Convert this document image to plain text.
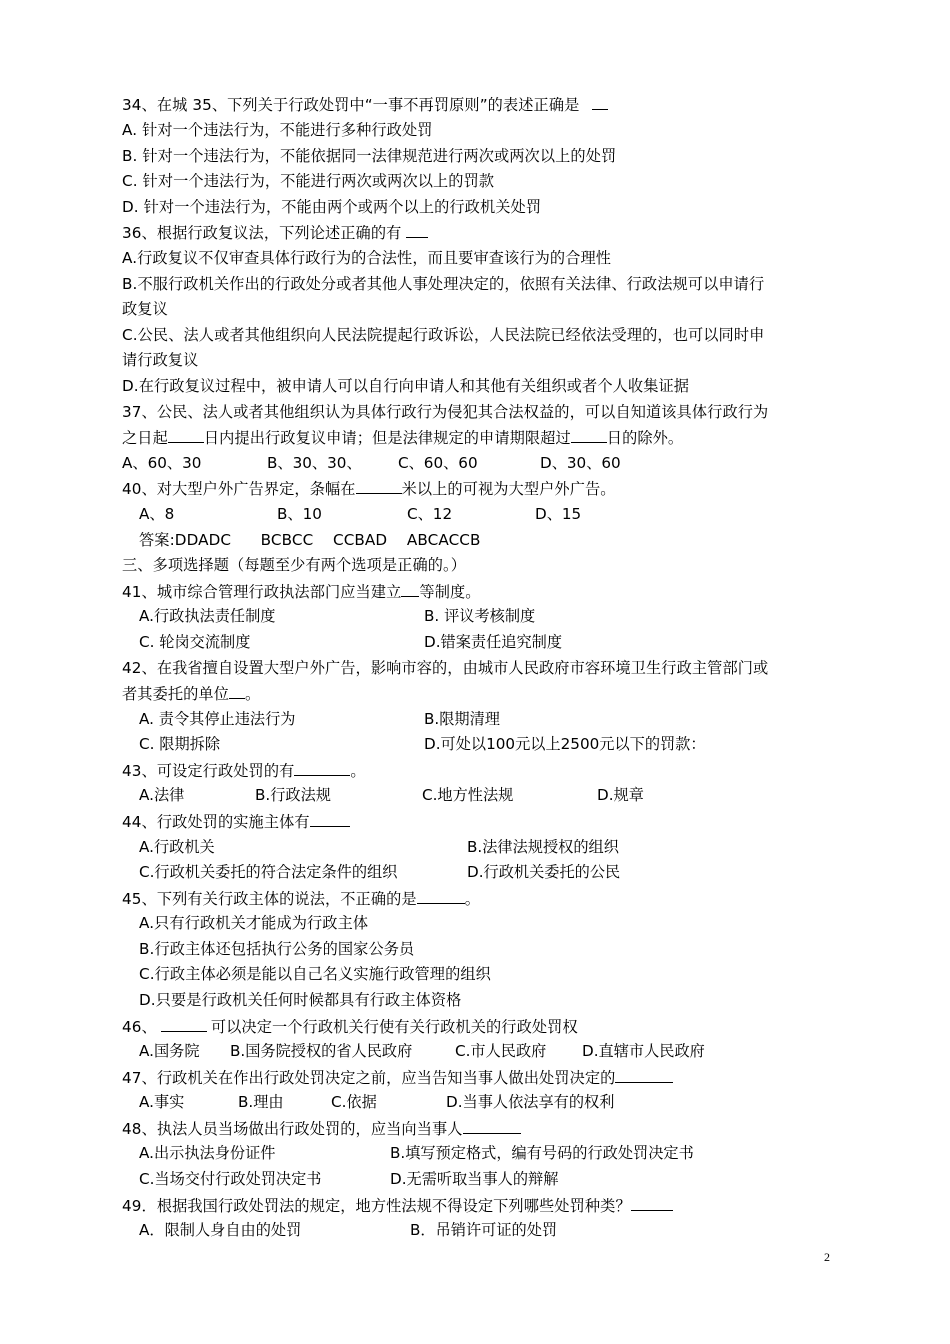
34、在城 35、下列关于行政处罚中“一事不再罚原则”的表述正确是
A. 针对一个违法行为，不能进行多种行政处罚
B. 针对一个违法行为，不能依据同一法律规范进行两次或两次以上的处罚
C. 针对一个违法行为，不能进行两次或两次以上的罚款
D. 针对一个违法行为，不能由两个或两个以上的行政机关处罚
36、根据行政复议法，下列论述正确的有
A.行政复议不仅审查具体行政行为的合法性，而且要审查该行为的合理性
B.不服行政机关作出的行政处分或者其他人事处理决定的，依照有关法律、行政法规可以申请行
政复议
C.公民、法人或者其他组织向人民法院提起行政诉讼，人民法院已经依法受理的，也可以同时申
请行政复议
D.在行政复议过程中，被申请人可以自行向申请人和其他有关组织或者个人收集证据
37、公民、法人或者其他组织认为具体行政行为侵犯其合法权益的，可以自知道该具体行政行为
之日起 日内提出行政复议申请；但是法律规定的申请期限超过 日的除外。
A、60、30	B、30、30、 C、60、60	D、30、60
40、对大型户外广告界定，条幅在	米以上的可视为大型户外广告。
A、8	B、10	C、12	D、15
答案:DDADC      BCBCC    CCBAD    ABCACCB
三、多项选择题（每题至少有两个选项是正确的。）
41、城市综合管理行政执法部门应当建立 等制度。
A.行政执法责任制度	B. 评议考核制度
C. 轮岗交流制度	D.错案责任追究制度
42、在我省擅自设置大型户外广告，影响市容的，由城市人民政府市容环境卫生行政主管部门或
者其委托的单位 。
A. 责令其停止违法行为	B.限期清理
C. 限期拆除	D.可处以100元以上2500元以下的罚款：
43、可设定行政处罚的有	。
A.法律	B.行政法规	C.地方性法规	D.规章
44、行政处罚的实施主体有
A.行政机关	B.法律法规授权的组织
C.行政机关委托的符合法定条件的组织	D.行政机关委托的公民
45、下列有关行政主体的说法，不正确的是	。
A.只有行政机关才能成为行政主体
B.行政主体还包括执行公务的国家公务员
C.行政主体必须是能以自己名义实施行政管理的组织
D.只要是行政机关任何时候都具有行政主体资格
46、	可以决定一个行政机关行使有关行政机关的行政处罚权
A.国务院 B.国务院授权的省人民政府	C.市人民政府 D.直辖市人民政府
47、行政机关在作出行政处罚决定之前，应当告知当事人做出处罚决定的
A.事实	B.理由	C.依据	D.当事人依法享有的权利
48、执法人员当场做出行政处罚的，应当向当事人
A.出示执法身份证件	B.填写预定格式，编有号码的行政处罚决定书
C.当场交付行政处罚决定书	D.无需听取当事人的辩解
49．根据我国行政处罚法的规定，地方性法规不得设定下列哪些处罚种类？
A．限制人身自由的处罚	B．吊销许可证的处罚
2
